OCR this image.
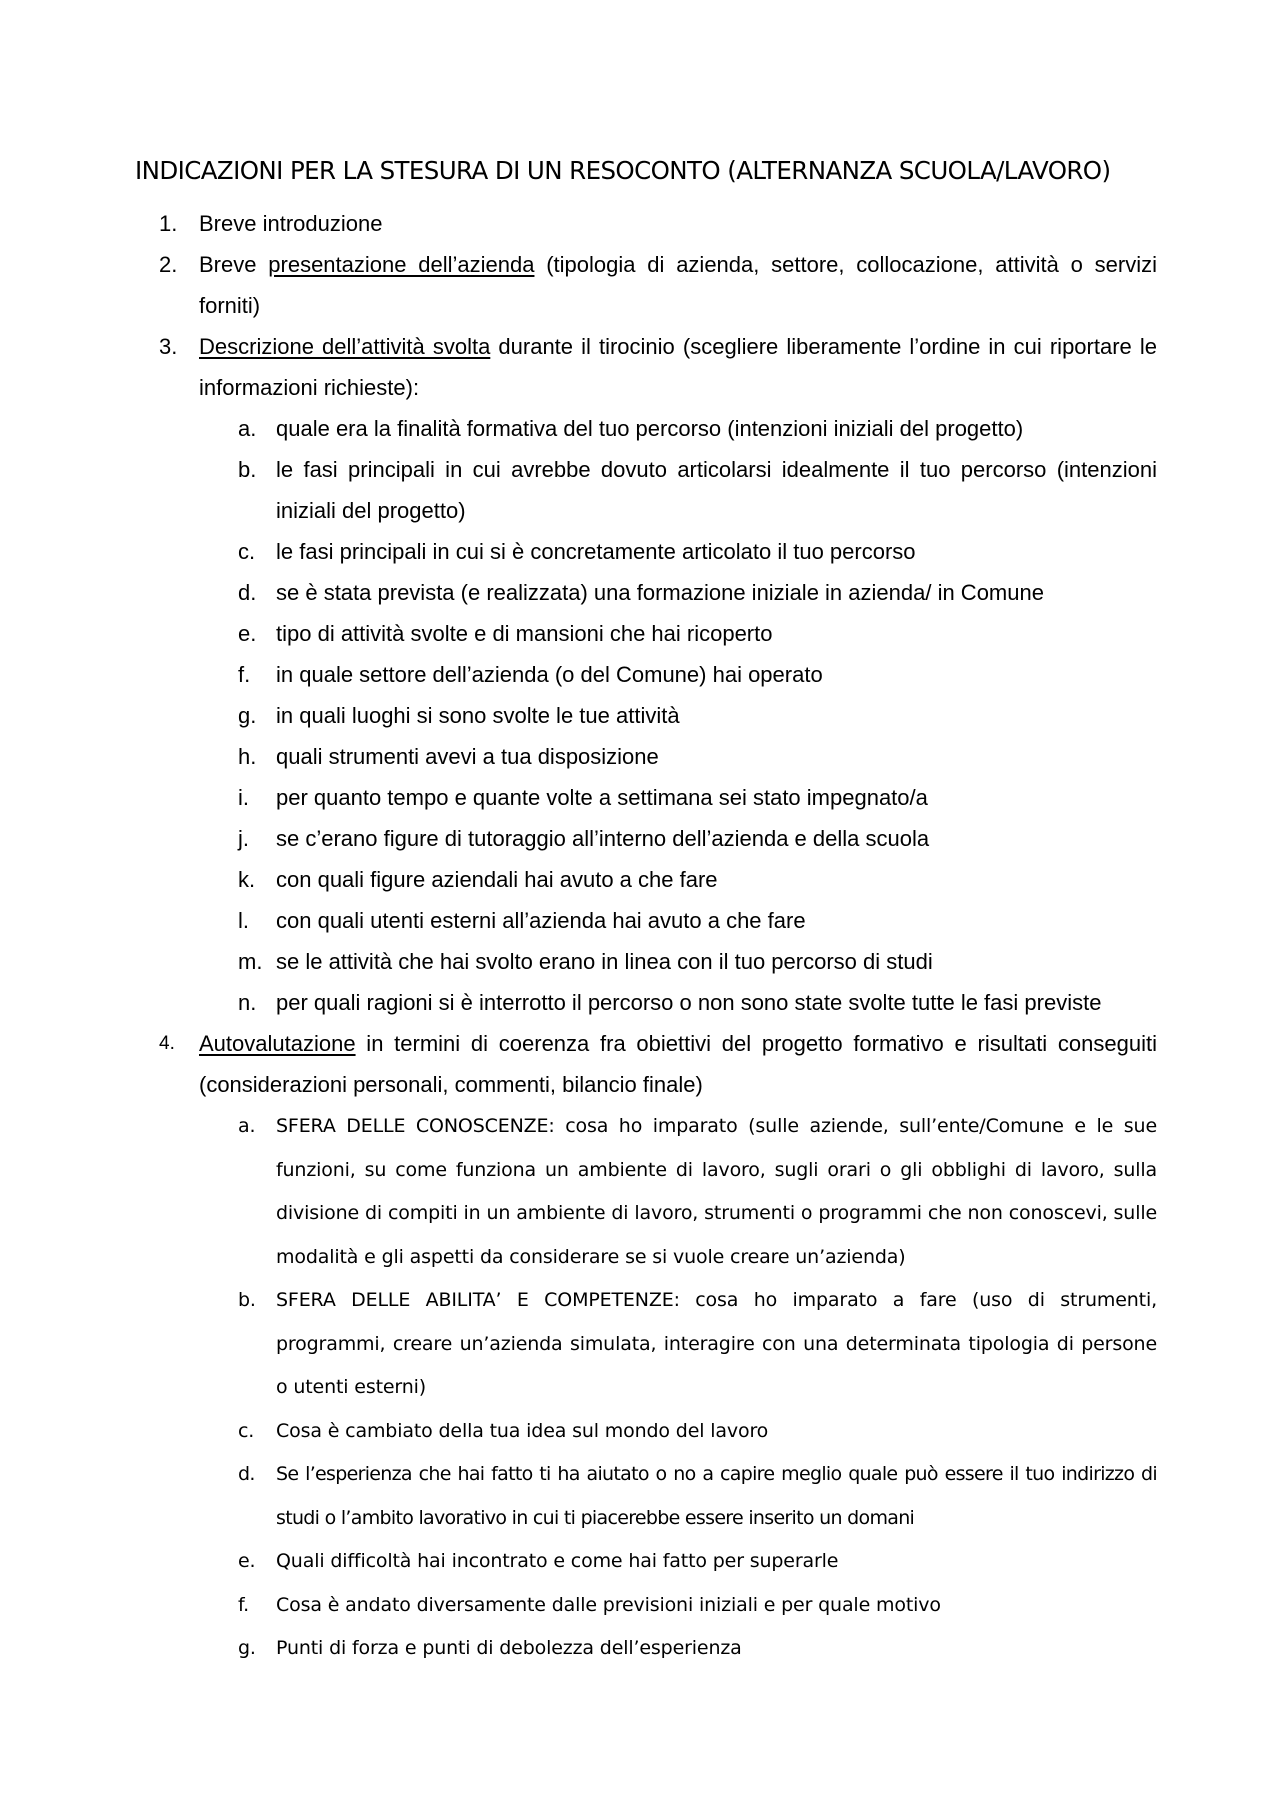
INDICAZIONI PER LA STESURA DI UN RESOCONTO (ALTERNANZA SCUOLA/LAVORO)
1. Breve introduzione
2. Breve presentazione dell’azienda (tipologia di azienda, settore, collocazione, attività o servizi forniti)
3. Descrizione dell’attività svolta durante il tirocinio (scegliere liberamente l’ordine in cui riportare le informazioni richieste):
a. quale era la finalità formativa del tuo percorso (intenzioni iniziali del progetto)
b. le fasi principali in cui avrebbe dovuto articolarsi idealmente il tuo percorso (intenzioni iniziali del progetto)
c. le fasi principali in cui si è concretamente articolato il tuo percorso
d. se è stata prevista (e realizzata) una formazione iniziale in azienda/ in Comune
e. tipo di attività svolte e di mansioni che hai ricoperto
f. in quale settore dell’azienda (o del Comune) hai operato
g. in quali luoghi si sono svolte le tue attività
h. quali strumenti avevi a tua disposizione
i. per quanto tempo e quante volte a settimana sei stato impegnato/a
j. se c’erano figure di tutoraggio all’interno dell’azienda e della scuola
k. con quali figure aziendali hai avuto a che fare
l. con quali utenti esterni all’azienda hai avuto a che fare
m. se le attività che hai svolto erano in linea con il tuo percorso di studi
n. per quali ragioni si è interrotto il percorso o non sono state svolte tutte le fasi previste
4. Autovalutazione in termini di coerenza fra obiettivi del progetto formativo e risultati conseguiti (considerazioni personali, commenti, bilancio finale)
a. SFERA DELLE CONOSCENZE: cosa ho imparato (sulle aziende, sull’ente/Comune e le sue funzioni, su come funziona un ambiente di lavoro, sugli orari o gli obblighi di lavoro, sulla divisione di compiti in un ambiente di lavoro, strumenti o programmi che non conoscevi, sulle modalità e gli aspetti da considerare se si vuole creare un’azienda)
b. SFERA DELLE ABILITA’ E COMPETENZE: cosa ho imparato a fare (uso di strumenti, programmi, creare un’azienda simulata, interagire con una determinata tipologia di persone o utenti esterni)
c. Cosa è cambiato della tua idea sul mondo del lavoro
d. Se l’esperienza che hai fatto ti ha aiutato o no a capire meglio quale può essere il tuo indirizzo di studi o l’ambito lavorativo in cui ti piacerebbe essere inserito un domani
e. Quali difficoltà hai incontrato e come hai fatto per superarle
f. Cosa è andato diversamente dalle previsioni iniziali e per quale motivo
g. Punti di forza e punti di debolezza dell’esperienza
